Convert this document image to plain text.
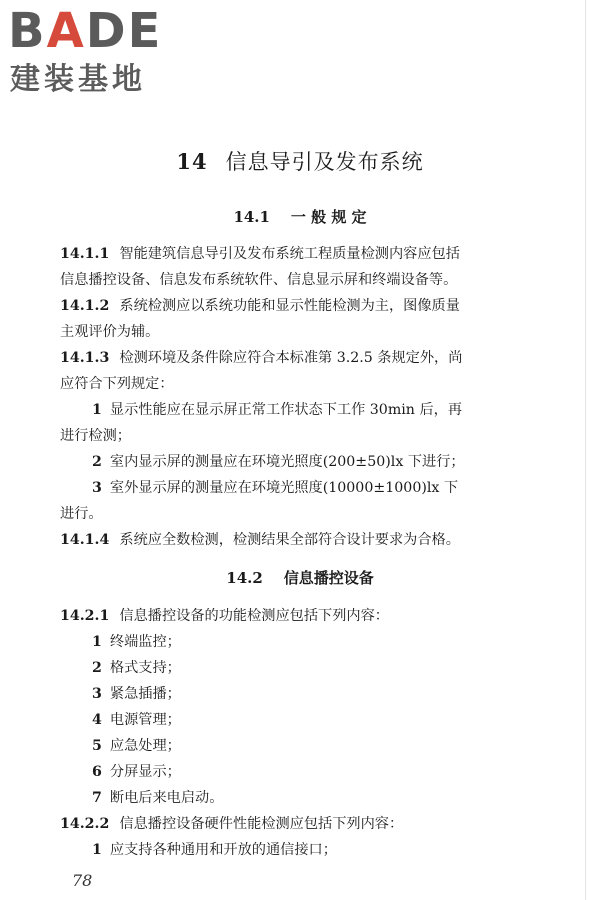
BADE
建装基地
14 信息导引及发布系统
14.1 一 般 规 定
14.1.1 智能建筑信息导引及发布系统工程质量检测内容应包括
信息播控设备、信息发布系统软件、信息显示屏和终端设备等。
14.1.2 系统检测应以系统功能和显示性能检测为主，图像质量
主观评价为辅。
14.1.3 检测环境及条件除应符合本标准第 3.2.5 条规定外，尚
应符合下列规定：
1 显示性能应在显示屏正常工作状态下工作 30min 后，再
进行检测；
2 室内显示屏的测量应在环境光照度(200±50)lx 下进行；
3 室外显示屏的测量应在环境光照度(10000±1000)lx 下
进行。
14.1.4 系统应全数检测，检测结果全部符合设计要求为合格。
14.2 信息播控设备
14.2.1 信息播控设备的功能检测应包括下列内容：
1 终端监控；
2 格式支持；
3 紧急插播；
4 电源管理；
5 应急处理；
6 分屏显示；
7 断电后来电启动。
14.2.2 信息播控设备硬件性能检测应包括下列内容：
1 应支持各种通用和开放的通信接口；
78
